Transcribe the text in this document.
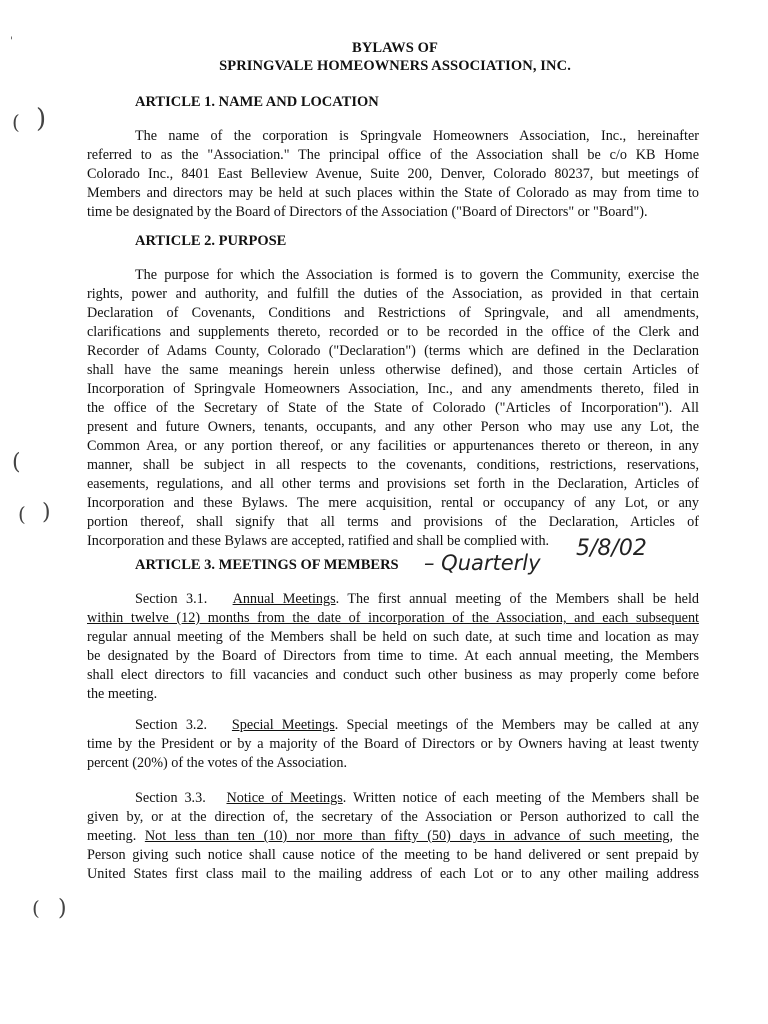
'
( )
(
( )
( )
BYLAWS OF
SPRINGVALE HOMEOWNERS ASSOCIATION, INC.
ARTICLE 1. NAME AND LOCATION
The name of the corporation is Springvale Homeowners Association, Inc., hereinafter
referred to as the "Association." The principal office of the Association shall be c/o KB Home
Colorado Inc., 8401 East Belleview Avenue, Suite 200, Denver, Colorado 80237, but meetings of
Members and directors may be held at such places within the State of Colorado as may from time to
time be designated by the Board of Directors of the Association ("Board of Directors" or "Board").
ARTICLE 2. PURPOSE
The purpose for which the Association is formed is to govern the Community, exercise the
rights, power and authority, and fulfill the duties of the Association, as provided in that certain
Declaration of Covenants, Conditions and Restrictions of Springvale, and all amendments,
clarifications and supplements thereto, recorded or to be recorded in the office of the Clerk and
Recorder of Adams County, Colorado ("Declaration") (terms which are defined in the Declaration
shall have the same meanings herein unless otherwise defined), and those certain Articles of
Incorporation of Springvale Homeowners Association, Inc., and any amendments thereto, filed in
the office of the Secretary of State of the State of Colorado ("Articles of Incorporation"). All
present and future Owners, tenants, occupants, and any other Person who may use any Lot, the
Common Area, or any portion thereof, or any facilities or appurtenances thereto or thereon, in any
manner, shall be subject in all respects to the covenants, conditions, restrictions, reservations,
easements, regulations, and all other terms and provisions set forth in the Declaration, Articles of
Incorporation and these Bylaws. The mere acquisition, rental or occupancy of any Lot, or any
portion thereof, shall signify that all terms and provisions of the Declaration, Articles of
Incorporation and these Bylaws are accepted, ratified and shall be complied with.
ARTICLE 3. MEETINGS OF MEMBERS – Quarterly
5/8/02
Section 3.1. Annual Meetings. The first annual meeting of the Members shall be held
within twelve (12) months from the date of incorporation of the Association, and each subsequent
regular annual meeting of the Members shall be held on such date, at such time and location as may
be designated by the Board of Directors from time to time. At each annual meeting, the Members
shall elect directors to fill vacancies and conduct such other business as may properly come before
the meeting.
Section 3.2. Special Meetings. Special meetings of the Members may be called at any
time by the President or by a majority of the Board of Directors or by Owners having at least twenty
percent (20%) of the votes of the Association.
Section 3.3. Notice of Meetings. Written notice of each meeting of the Members shall be
given by, or at the direction of, the secretary of the Association or Person authorized to call the
meeting. Not less than ten (10) nor more than fifty (50) days in advance of such meeting, the
Person giving such notice shall cause notice of the meeting to be hand delivered or sent prepaid by
United States first class mail to the mailing address of each Lot or to any other mailing address
